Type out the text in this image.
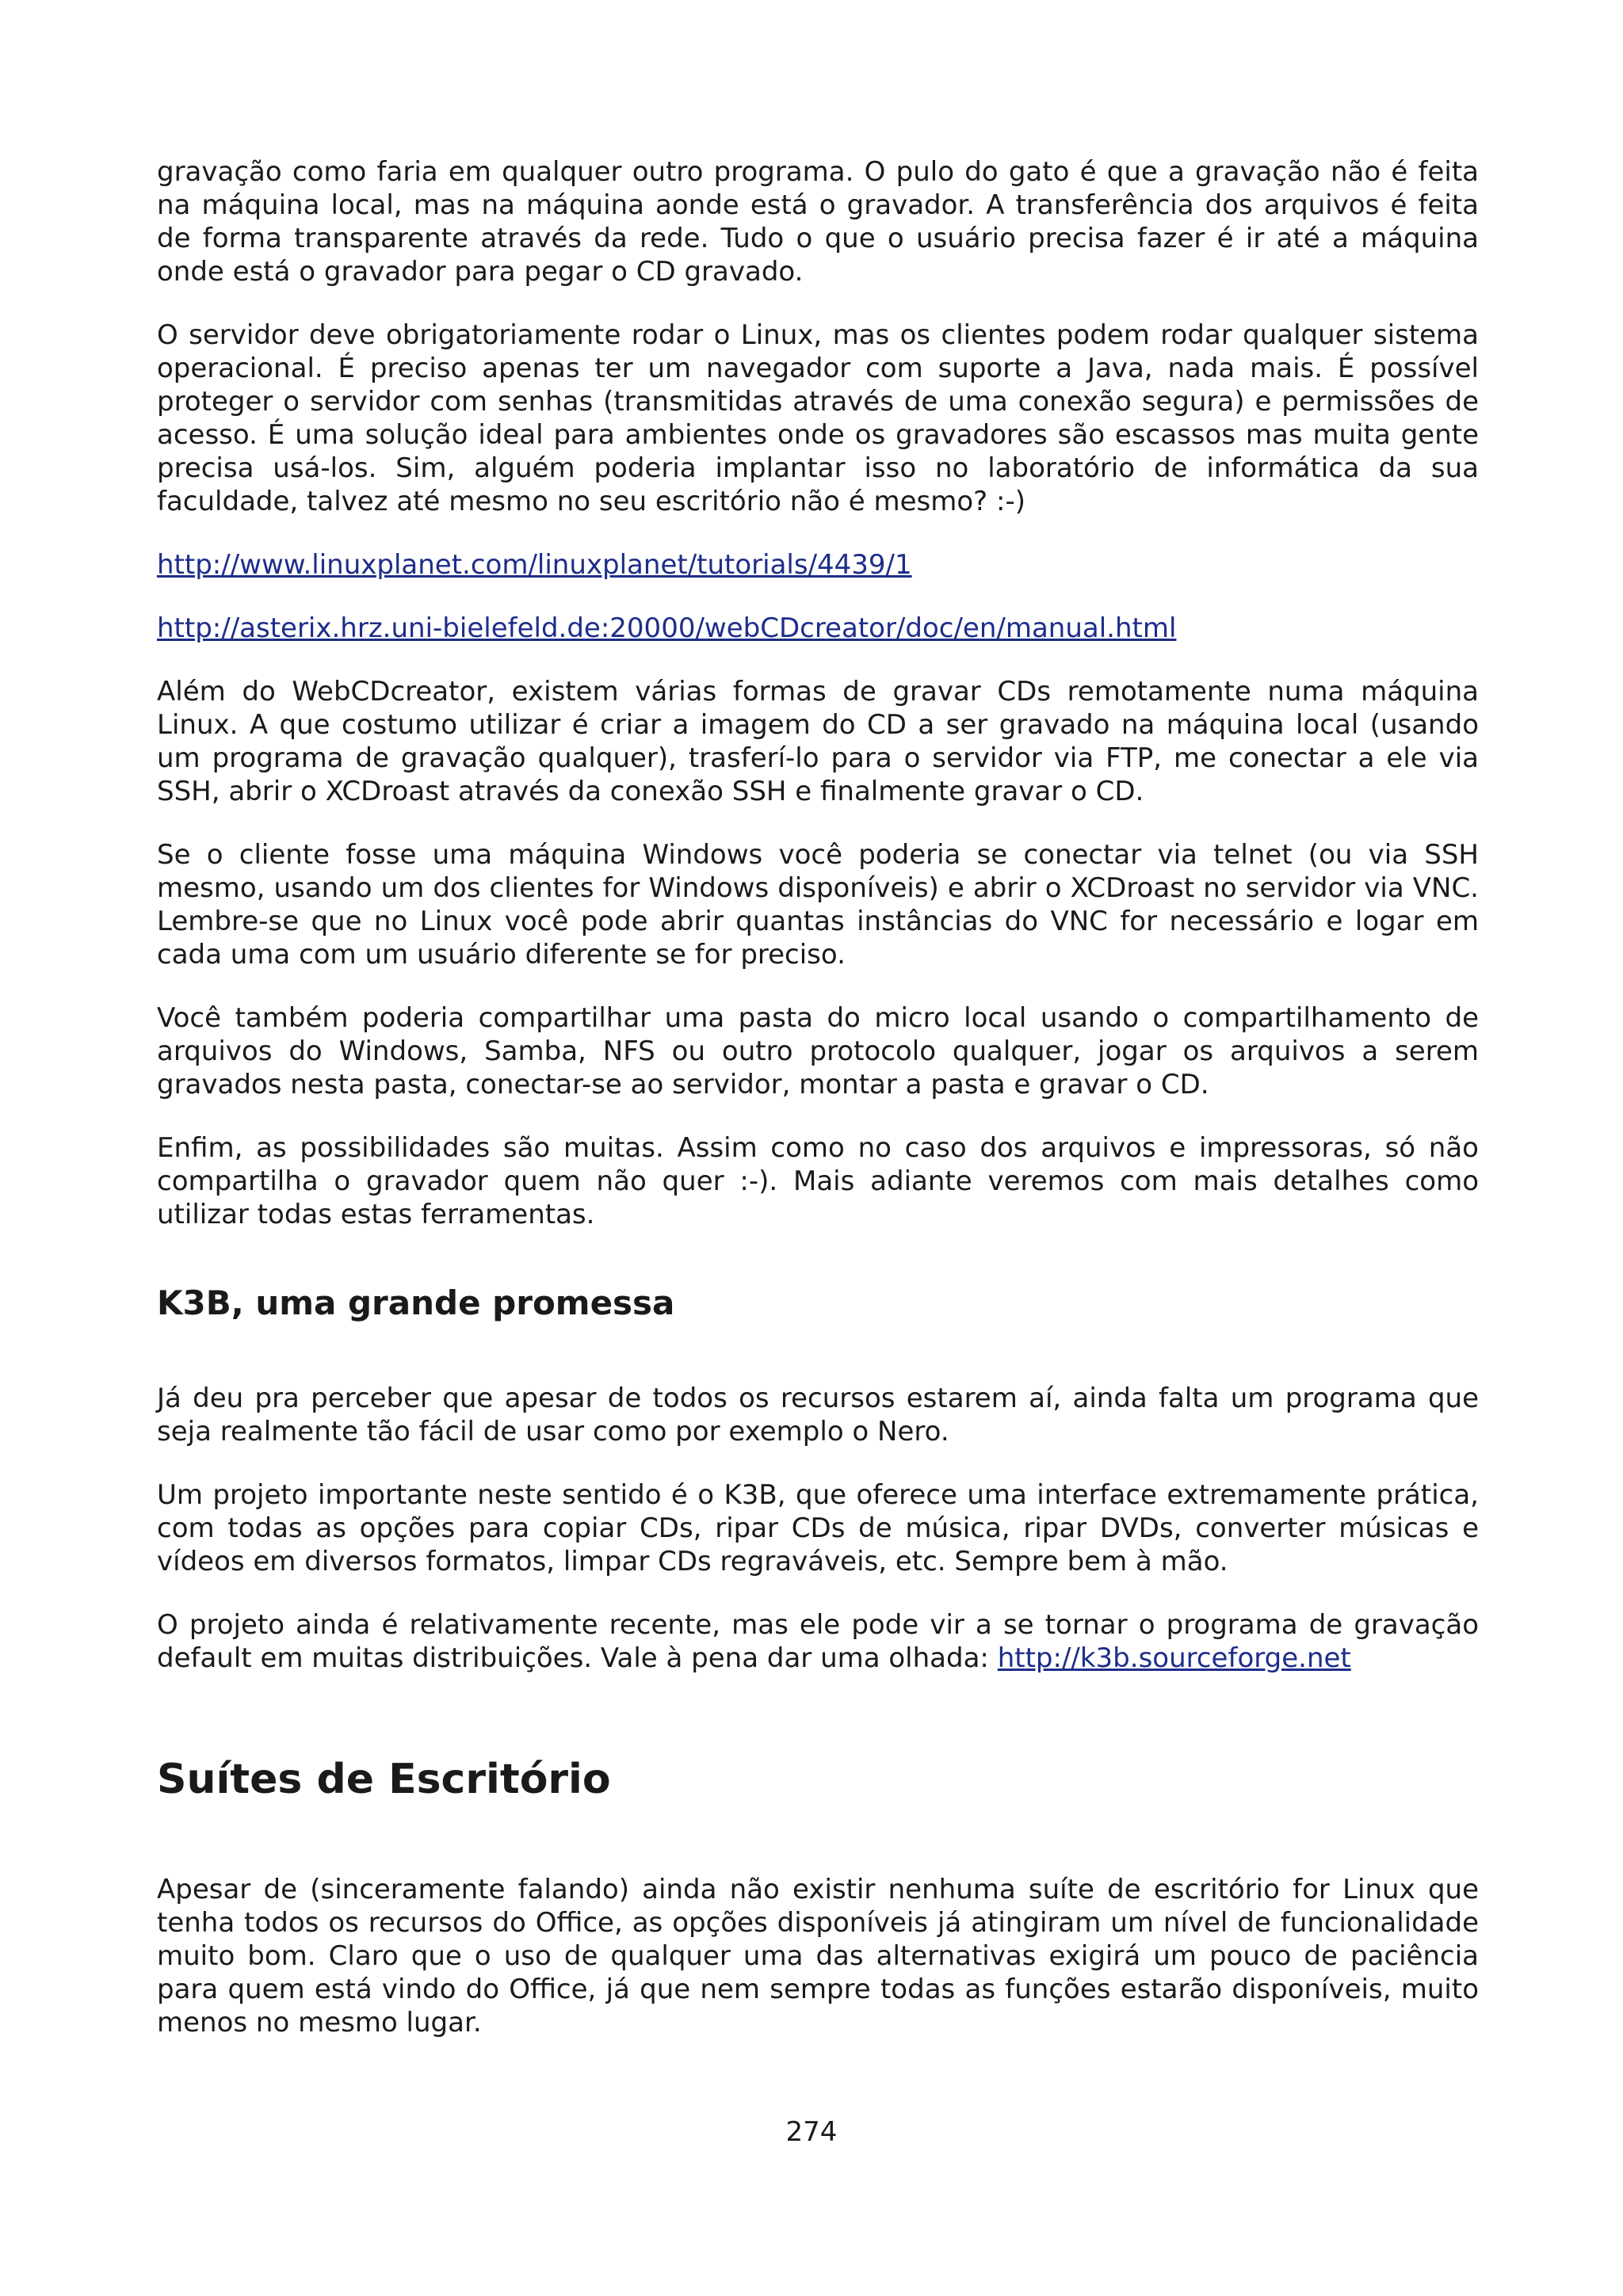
gravação como faria em qualquer outro programa. O pulo do gato é que a gravação não é feita na máquina local, mas na máquina aonde está o gravador. A transferência dos arquivos é feita de forma transparente através da rede. Tudo o que o usuário precisa fazer é ir até a máquina onde está o gravador para pegar o CD gravado.

O servidor deve obrigatoriamente rodar o Linux, mas os clientes podem rodar qualquer sistema operacional. É preciso apenas ter um navegador com suporte a Java, nada mais. É possível proteger o servidor com senhas (transmitidas através de uma conexão segura) e permissões de acesso. É uma solução ideal para ambientes onde os gravadores são escassos mas muita gente precisa usá-los. Sim, alguém poderia implantar isso no laboratório de informática da sua faculdade, talvez até mesmo no seu escritório não é mesmo? :-)

http://www.linuxplanet.com/linuxplanet/tutorials/4439/1

http://asterix.hrz.uni-bielefeld.de:20000/webCDcreator/doc/en/manual.html

Além do WebCDcreator, existem várias formas de gravar CDs remotamente numa máquina Linux. A que costumo utilizar é criar a imagem do CD a ser gravado na máquina local (usando um programa de gravação qualquer), trasferí-lo para o servidor via FTP, me conectar a ele via SSH, abrir o XCDroast através da conexão SSH e finalmente gravar o CD.

Se o cliente fosse uma máquina Windows você poderia se conectar via telnet (ou via SSH mesmo, usando um dos clientes for Windows disponíveis) e abrir o XCDroast no servidor via VNC. Lembre-se que no Linux você pode abrir quantas instâncias do VNC for necessário e logar em cada uma com um usuário diferente se for preciso.

Você também poderia compartilhar uma pasta do micro local usando o compartilhamento de arquivos do Windows, Samba, NFS ou outro protocolo qualquer, jogar os arquivos a serem gravados nesta pasta, conectar-se ao servidor, montar a pasta e gravar o CD.

Enfim, as possibilidades são muitas. Assim como no caso dos arquivos e impressoras, só não compartilha o gravador quem não quer :-). Mais adiante veremos com mais detalhes como utilizar todas estas ferramentas.

K3B, uma grande promessa

Já deu pra perceber que apesar de todos os recursos estarem aí, ainda falta um programa que seja realmente tão fácil de usar como por exemplo o Nero.

Um projeto importante neste sentido é o K3B, que oferece uma interface extremamente prática, com todas as opções para copiar CDs, ripar CDs de música, ripar DVDs, converter músicas e vídeos em diversos formatos, limpar CDs regraváveis, etc. Sempre bem à mão.

O projeto ainda é relativamente recente, mas ele pode vir a se tornar o programa de gravação default em muitas distribuições. Vale à pena dar uma olhada: http://k3b.sourceforge.net

Suítes de Escritório

Apesar de (sinceramente falando) ainda não existir nenhuma suíte de escritório for Linux que tenha todos os recursos do Office, as opções disponíveis já atingiram um nível de funcionalidade muito bom. Claro que o uso de qualquer uma das alternativas exigirá um pouco de paciência para quem está vindo do Office, já que nem sempre todas as funções estarão disponíveis, muito menos no mesmo lugar.

274
